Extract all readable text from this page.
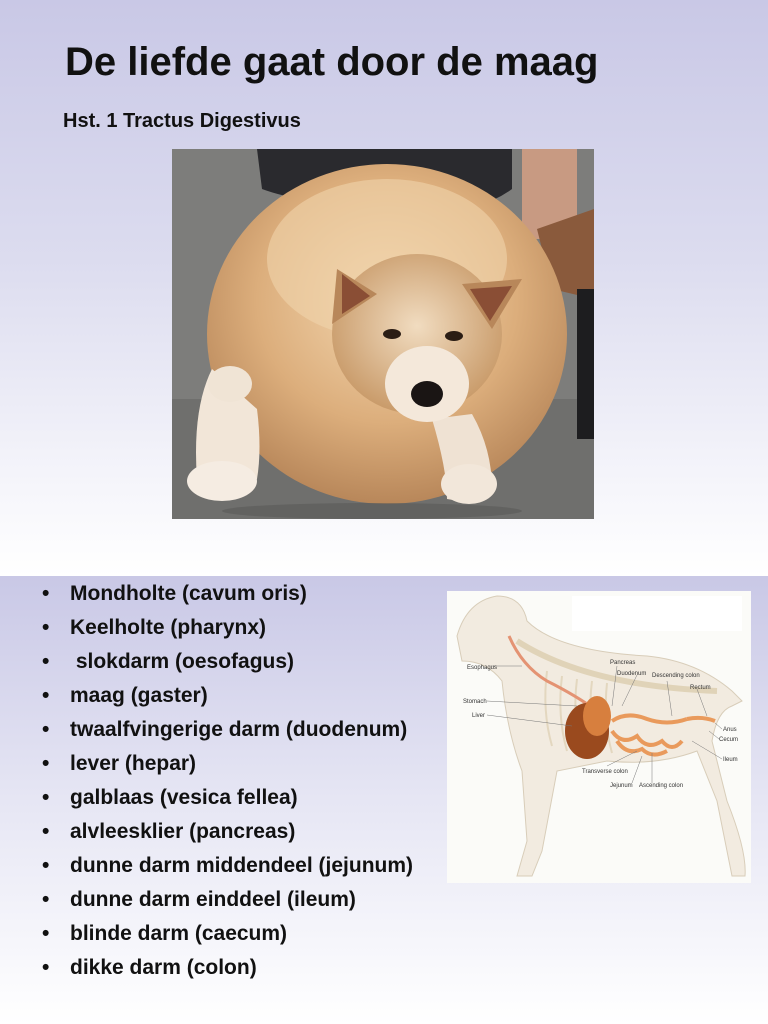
De liefde gaat door de maag
Hst. 1 Tractus Digestivus
• Mondholte (cavum oris)
• Keelholte (pharynx)
•  slokdarm (oesofagus)
• maag (gaster)
• twaalfvingerige darm (duodenum)
• lever (hepar)
• galblaas (vesica fellea)
• alvleesklier (pancreas)
• dunne darm middendeel (jejunum)
• dunne darm einddeel (ileum)
• blinde darm (caecum)
• dikke darm (colon)
Esophagus
Stomach
Liver
Pancreas
Duodenum Descending colon
Rectum
Anus
Cecum
Ileum
Transverse colon
Jejunum Ascending colon
